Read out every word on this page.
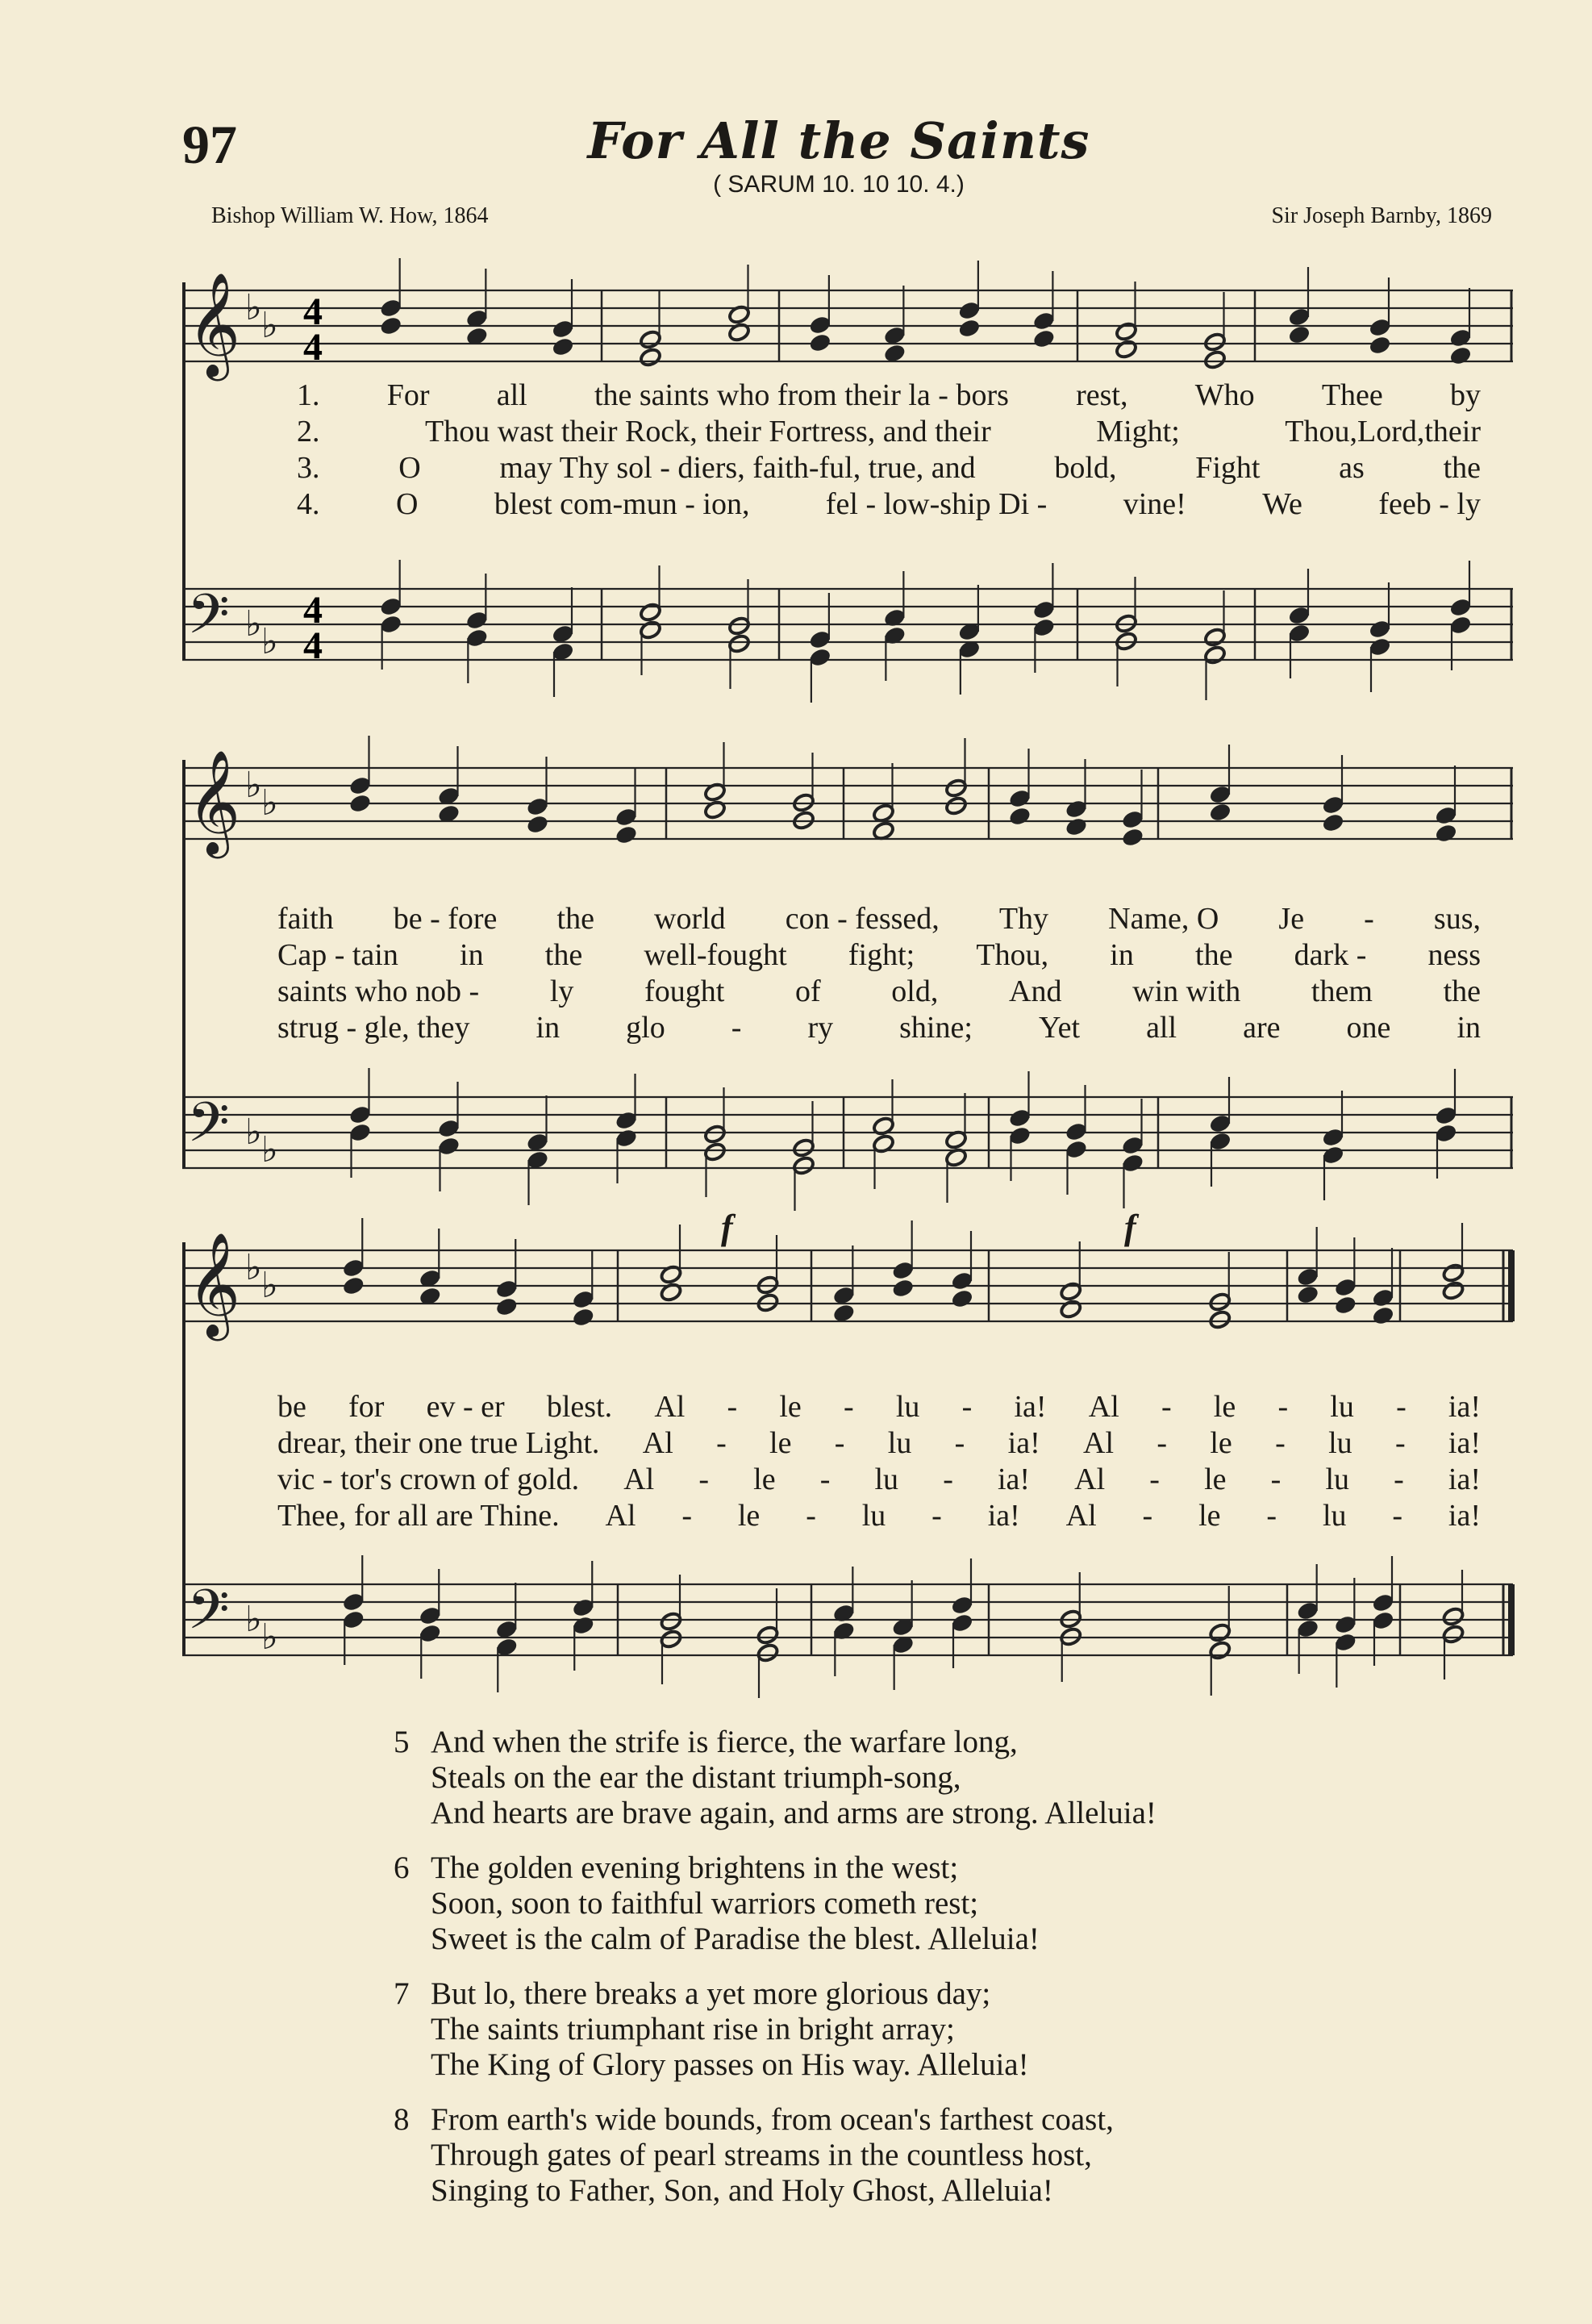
97	For All the Saints
( SARUM 10. 10 10. 4.)
Bishop William W. How, 1864	Sir Joseph Barnby, 1869
𝄞
𝄢
♭ ♭
♭ ♭
4
4
4
4
1. For all the saints who from their la - bors rest, Who Thee by
2.	Thou wast their Rock, their Fortress, and their	Might;	Thou,Lord,their
3.	O	may Thy sol - diers, faith-ful, true, and	bold,	Fight	as	the
4. O blest com-mun - ion, fel - low-ship Di - vine! We feeb - ly
𝄞
𝄢
♭ ♭
♭ ♭
faith be - fore the world con - fessed, Thy Name, O Je - sus,
Cap - tain in the well-fought fight; Thou, in the dark - ness
saints who nob - ly fought of old, And win with them the
strug - gle, they in glo - ry shine; Yet all are one in
𝄞
𝄢
♭ ♭
♭ ♭
be for ev - er blest. Al - le - lu - ia! Al - le - lu - ia!
drear, their one true Light. Al - le - lu - ia! Al - le - lu - ia!
vic - tor's crown of gold. Al - le - lu - ia! Al - le - lu - ia!
Thee, for all are Thine. Al - le - lu - ia! Al - le - lu - ia!
f	f
5 And when the strife is fierce, the warfare long,
Steals on the ear the distant triumph-song,
And hearts are brave again, and arms are strong. Alleluia!
6 The golden evening brightens in the west;
Soon, soon to faithful warriors cometh rest;
Sweet is the calm of Paradise the blest. Alleluia!
7 But lo, there breaks a yet more glorious day;
The saints triumphant rise in bright array;
The King of Glory passes on His way. Alleluia!
8 From earth's wide bounds, from ocean's farthest coast,
Through gates of pearl streams in the countless host,
Singing to Father, Son, and Holy Ghost, Alleluia!
